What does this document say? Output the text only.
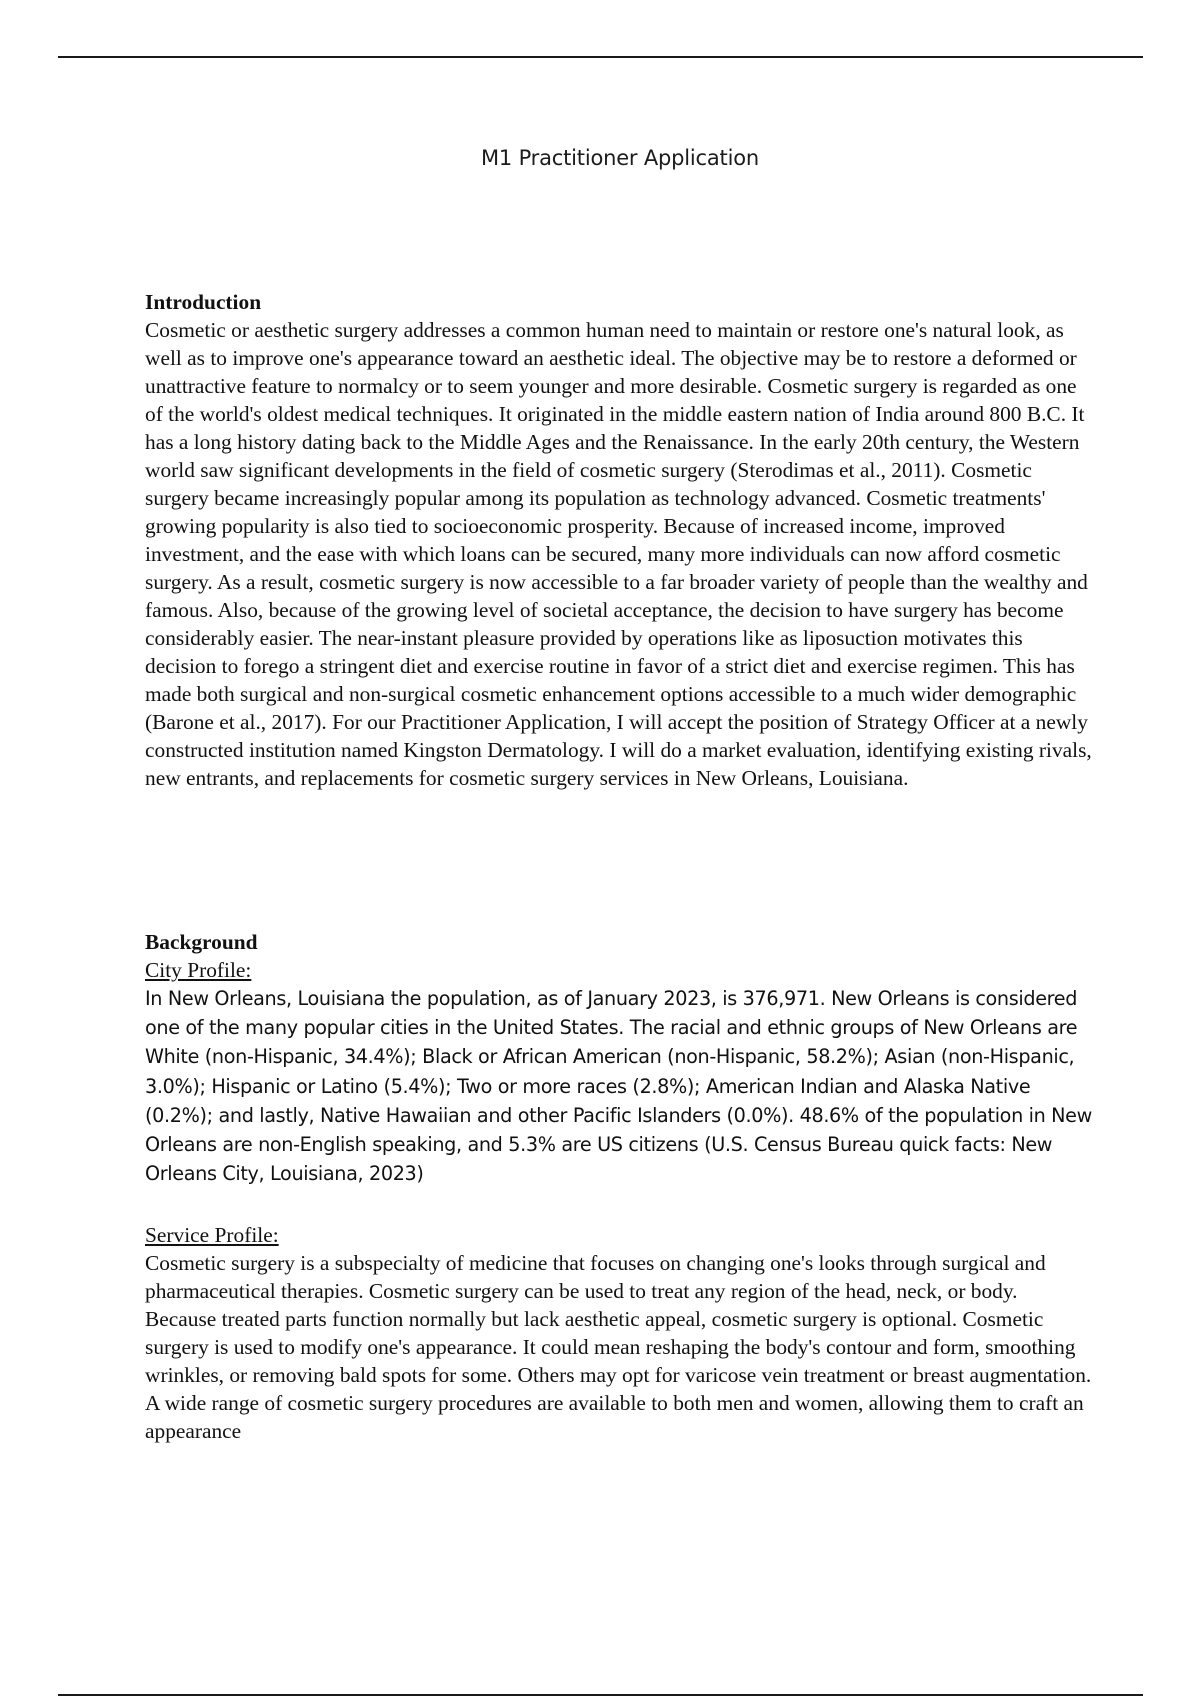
M1 Practitioner Application

Introduction

Cosmetic or aesthetic surgery addresses a common human need to maintain or restore one's natural look, as well as to improve one's appearance toward an aesthetic ideal. The objective may be to restore a deformed or unattractive feature to normalcy or to seem younger and more desirable. Cosmetic surgery is regarded as one of the world's oldest medical techniques. It originated in the middle eastern nation of India around 800 B.C. It has a long history dating back to the Middle Ages and the Renaissance. In the early 20th century, the Western world saw significant developments in the field of cosmetic surgery (Sterodimas et al., 2011). Cosmetic surgery became increasingly popular among its population as technology advanced. Cosmetic treatments' growing popularity is also tied to socioeconomic prosperity. Because of increased income, improved investment, and the ease with which loans can be secured, many more individuals can now afford cosmetic surgery. As a result, cosmetic surgery is now accessible to a far broader variety of people than the wealthy and famous. Also, because of the growing level of societal acceptance, the decision to have surgery has become considerably easier. The near-instant pleasure provided by operations like as liposuction motivates this decision to forego a stringent diet and exercise routine in favor of a strict diet and exercise regimen. This has made both surgical and non-surgical cosmetic enhancement options accessible to a much wider demographic (Barone et al., 2017). For our Practitioner Application, I will accept the position of Strategy Officer at a newly constructed institution named Kingston Dermatology. I will do a market evaluation, identifying existing rivals, new entrants, and replacements for cosmetic surgery services in New Orleans, Louisiana.

Background

City Profile:

In New Orleans, Louisiana the population, as of January 2023, is 376,971. New Orleans is considered one of the many popular cities in the United States. The racial and ethnic groups of New Orleans are White (non-Hispanic, 34.4%); Black or African American (non-Hispanic, 58.2%); Asian (non-Hispanic, 3.0%); Hispanic or Latino (5.4%); Two or more races (2.8%); American Indian and Alaska Native (0.2%); and lastly, Native Hawaiian and other Pacific Islanders (0.0%). 48.6% of the population in New Orleans are non-English speaking, and 5.3% are US citizens (U.S. Census Bureau quick facts: New Orleans City, Louisiana, 2023)

Service Profile:

Cosmetic surgery is a subspecialty of medicine that focuses on changing one's looks through surgical and pharmaceutical therapies. Cosmetic surgery can be used to treat any region of the head, neck, or body. Because treated parts function normally but lack aesthetic appeal, cosmetic surgery is optional. Cosmetic surgery is used to modify one's appearance. It could mean reshaping the body's contour and form, smoothing wrinkles, or removing bald spots for some. Others may opt for varicose vein treatment or breast augmentation. A wide range of cosmetic surgery procedures are available to both men and women, allowing them to craft an appearance
